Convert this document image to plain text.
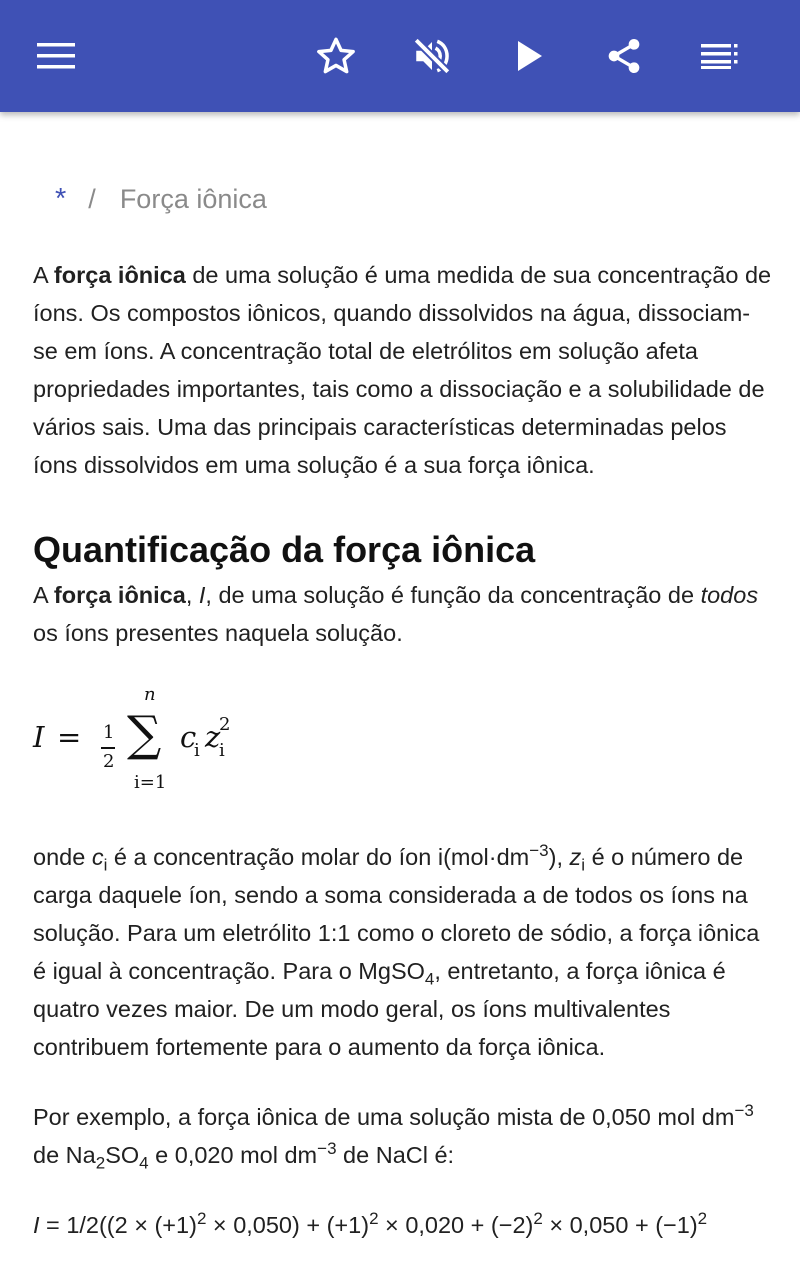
* / Força iônica

A força iônica de uma solução é uma medida de sua concentração de íons. Os compostos iônicos, quando dissolvidos na água, dissociam-se em íons. A concentração total de eletrólitos em solução afeta propriedades importantes, tais como a dissociação e a solubilidade de vários sais. Uma das principais características determinadas pelos íons dissolvidos em uma solução é a sua força iônica.

Quantificação da força iônica

A força iônica, I, de uma solução é função da concentração de todos os íons presentes naquela solução.

I = 1
2 ∑
n
i=1
c
i z
2
i

onde $c_i$ é a concentração molar do íon $i(mol\cdot dm^{-3})$, $z_i$ é o número de carga daquele íon, sendo a soma considerada a de todos os íons na solução. Para um eletrólito 1:1 como o cloreto de sódio, a força iônica é igual à concentração. Para o MgSO$_4$, entretanto, a força iônica é quatro vezes maior. De um modo geral, os íons multivalentes contribuem fortemente para o aumento da força iônica.

Por exemplo, a força iônica de uma solução mista de 0,050 mol $dm^{-3}$ de $Na_2SO_4$ e 0,020 mol $dm^{-3}$ de NaCl é:

$I = 1/2((2 \times (+1)^2 \times 0,050) + (+1)^2 \times 0,020 + (-2)^2 \times 0,050 + (-1)^2$
